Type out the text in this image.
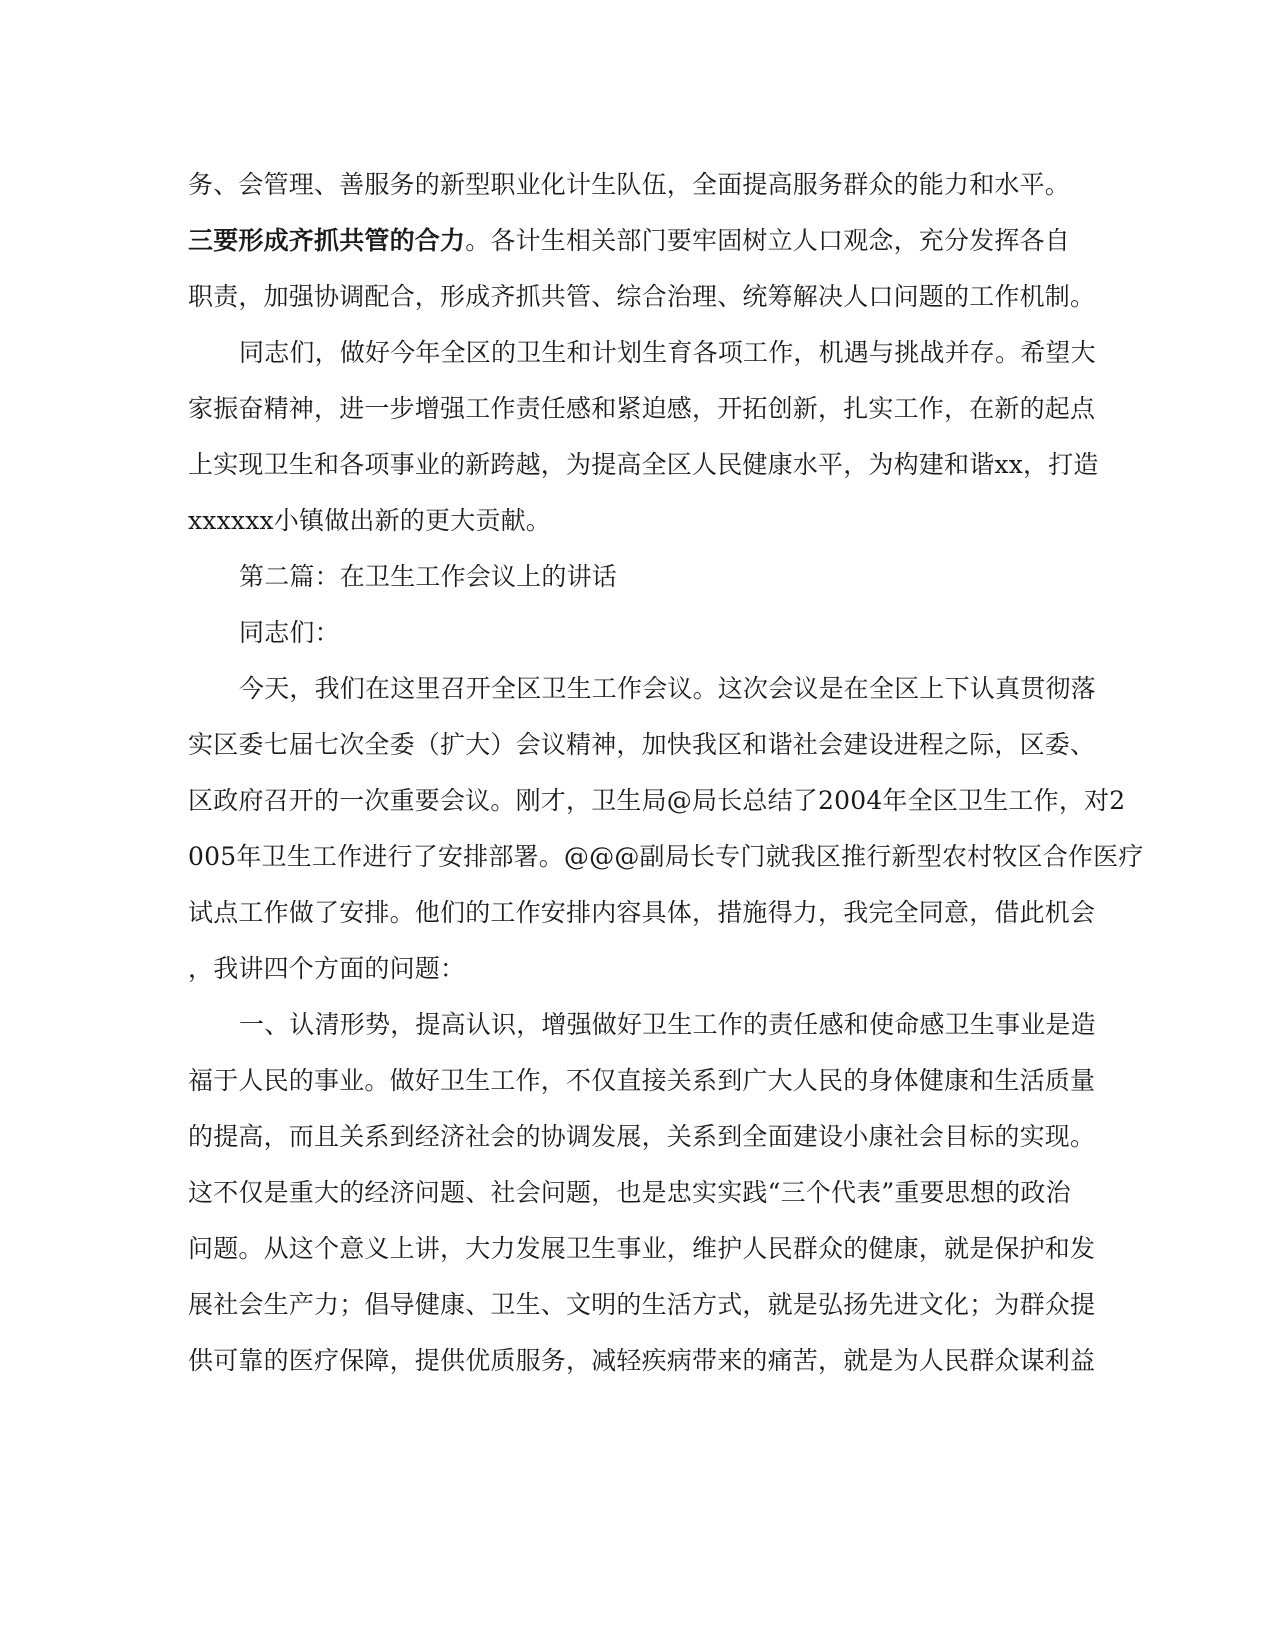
务、会管理、善服务的新型职业化计生队伍，全面提高服务群众的能力和水平。

三要形成齐抓共管的合力。各计生相关部门要牢固树立人口观念，充分发挥各自

职责，加强协调配合，形成齐抓共管、综合治理、统筹解决人口问题的工作机制。

同志们，做好今年全区的卫生和计划生育各项工作，机遇与挑战并存。希望大

家振奋精神，进一步增强工作责任感和紧迫感，开拓创新，扎实工作，在新的起点

上实现卫生和各项事业的新跨越，为提高全区人民健康水平，为构建和谐xx，打造

xxxxxx小镇做出新的更大贡献。

第二篇：在卫生工作会议上的讲话

同志们：

今天，我们在这里召开全区卫生工作会议。这次会议是在全区上下认真贯彻落

实区委七届七次全委（扩大）会议精神，加快我区和谐社会建设进程之际，区委、

区政府召开的一次重要会议。刚才，卫生局@局长总结了2004年全区卫生工作，对2

005年卫生工作进行了安排部署。@@@副局长专门就我区推行新型农村牧区合作医疗

试点工作做了安排。他们的工作安排内容具体，措施得力，我完全同意，借此机会

，我讲四个方面的问题：

一、认清形势，提高认识，增强做好卫生工作的责任感和使命感卫生事业是造

福于人民的事业。做好卫生工作，不仅直接关系到广大人民的身体健康和生活质量

的提高，而且关系到经济社会的协调发展，关系到全面建设小康社会目标的实现。

这不仅是重大的经济问题、社会问题，也是忠实实践“三个代表”重要思想的政治

问题。从这个意义上讲，大力发展卫生事业，维护人民群众的健康，就是保护和发

展社会生产力；倡导健康、卫生、文明的生活方式，就是弘扬先进文化；为群众提

供可靠的医疗保障，提供优质服务，减轻疾病带来的痛苦，就是为人民群众谋利益
